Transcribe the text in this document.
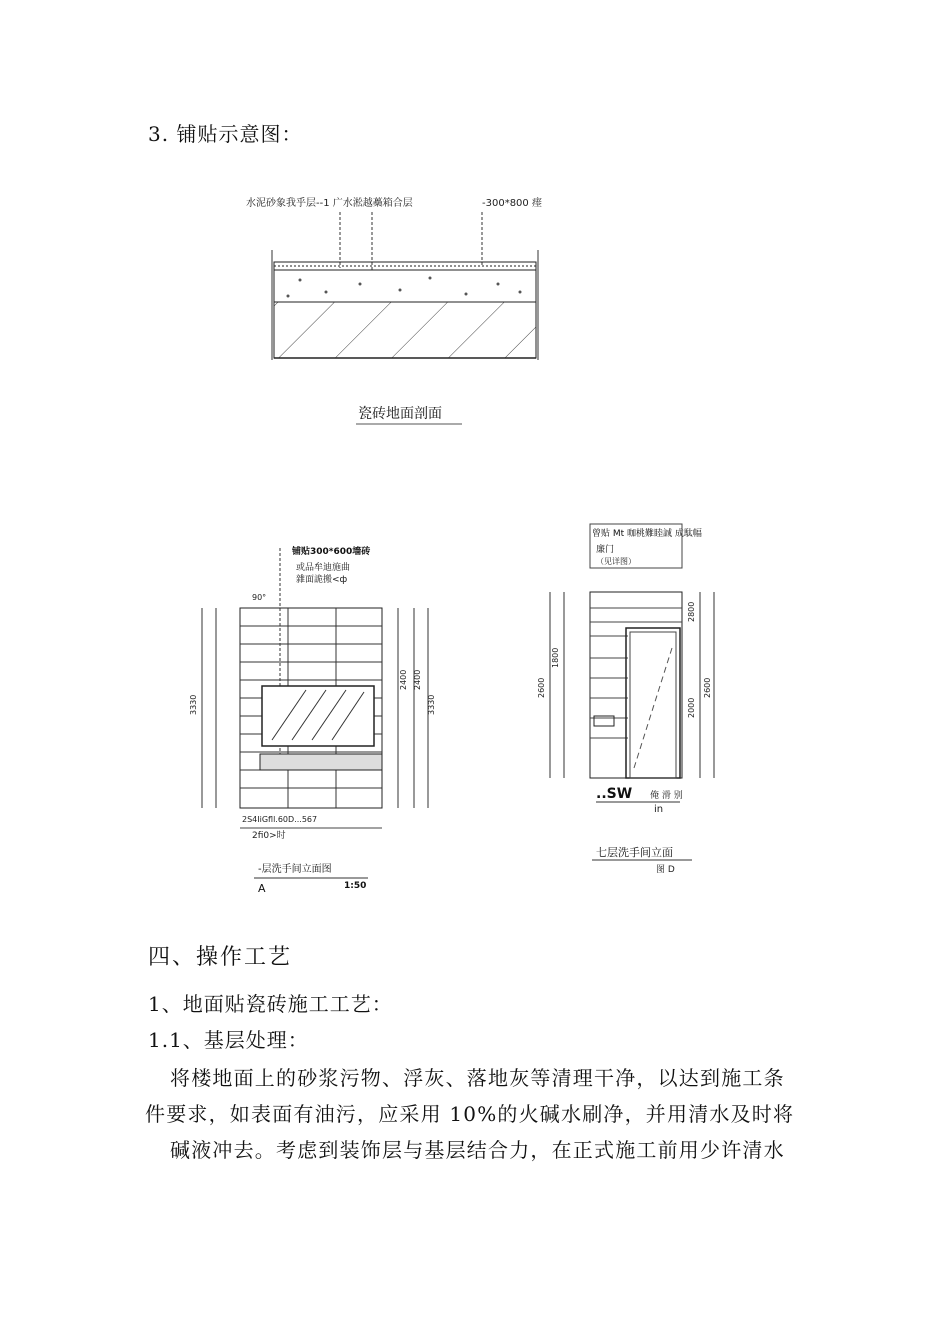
3. 铺贴示意图：
水泥砂象我乎层--1 广水淞越蘽箱合层	-300*800 瘗
瓷砖地面剖面
铺贴300*600墙砖
或品牟迪施曲
雜面詭搬<ф
90°
3330
2400 2400
3330
2S4IiGfll.60D...567
2fi0>时
-层洗手间立面图
A	1:50
曾贴 Mt 咖桃難睦誠 成駄幅
廉门
（见详图）
2600
1800
2800
2000
2600
..SW 俺 滑 别
in
七层洗手间立面
图 D
四、操作工艺
1、地面贴瓷砖施工工艺：
1.1、基层处理：
将楼地面上的砂浆污物、浮灰、落地灰等清理干净，以达到施工条
件要求，如表面有油污，应采用 10%的火碱水刷净，并用清水及时将
碱液冲去。考虑到装饰层与基层结合力，在正式施工前用少许清水
